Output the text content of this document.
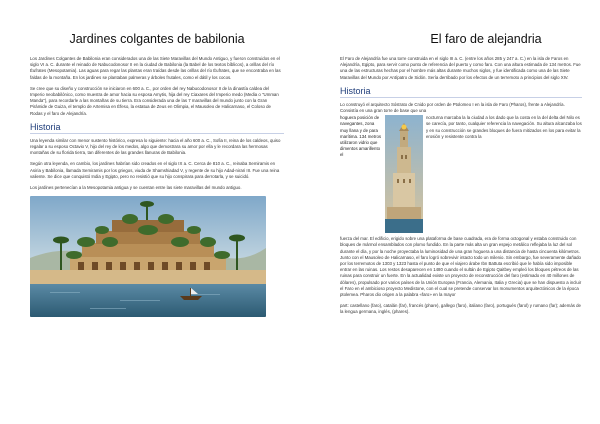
Jardines colgantes de babilonia

Los Jardines Colgantes de Babilonia eran considerados una de las Siete Maravillas del Mundo Antiguo, y fueron construidos en el siglo VI a. C. durante el reinado de Nabucodonosor II en la ciudad de Babilonia (la Babel de los textos bíblicos), a orillas del río Éufrates (Mesopotamia). Las aguas para regar las plantas eran traídas desde las orillas del río Éufrates, que se encontraba en las faldas de la montaña. En los jardines se plantaban palmeras y árboles frutales, como el dátil y los cocos.

Se cree que su diseño y construcción se iniciaron en 600 a. C., por orden del rey Nabucodonosor II de la dinastía caldea del Imperio neobabilónico, como muestra de amor hacia su esposa Amytis, hija del rey Ciaxares del Imperio medo (Media o "Umman Manda"), para recordarle a las montañas de su tierra. Era considerada una de las 7 maravillas del mundo junto con la Gran Pirámide de Guiza, el templo de Artemisa en Éfeso, la estatua de Zeus en Olimpia, el Mausoleo de Halicarnaso, el Coloso de Rodas y el faro de Alejandría.

Historia

Una leyenda similar con menor sustento histórico, expresa lo siguiente: hacia el año 600 a. C., Sofia II, reina de los caldeos, quiso regalar a su esposo Octavio V, hijo del rey de los medos, algo que demostrara su amor por ella y le recordara las hermosas montañas de su florida tierra, tan diferentes de las grandes llanuras de Babilonia.

Según otra leyenda, en cambio, los jardines habrían sido creados en el siglo IX a. C. Cerca de 810 a. C., reinaba Semiramis en Asiria y Babilonia, llamada Semiramis por los griegos, viuda de Shamshiadad V, y regente de su hijo Adad-nirari III. Fue una reina valiente. Se dice que conquistó India y Egipto, pero no resistió que su hijo conspirara para derrotarla, y se suicidó.

Los jardines pertenecían a la Mesopotamia antigua y se cuentan entre las siete maravillas del mundo antiguo.

El faro de alejandria

El Faro de Alejandría fue una torre construida en el siglo III a. C. (entre los años 285 y 247 a. C.) en la isla de Faros en Alejandría, Egipto, para servir como punto de referencia del puerto y como faro. Con una altura estimada de 134 metros. Fue una de las estructuras hechas por el hombre más altas durante muchos siglos, y fue identificada como una de las Siete Maravillas del Mundo por Antípatro de Sidón. Sería derribado por los efectos de un terremoto a principios del siglo XIV.

Historia

Lo construyó el arquitecto Sóstrato de Cnido por orden de Ptolomeo I en la isla de Faro (Pharos), frente a Alejandría. Consistía en una gran torre de base que una

hoguera posición de navegantes, zona muy llana y de para marítima. 134 metros utilizaron vidrio que dimentos amarillento el
nocturna marcaba la la ciudad a los dado que la costa en la del delta del Nilo es se carecía, por tanto, cualquier referencia la navegación. Su altura alcanzaba los y en su construcción se grandes bloques de fuera mitizados en los para evitar la erosión y resistente contra la

fuerza del mar. El edificio, erigido sobre una plataforma de base cuadrada, era de forma octogonal y estaba construido con bloques de mármol ensamblados con plomo fundido. En la parte más alta un gran espejo metálico reflejaba la luz del sol durante el día, y por la noche proyectaba la luminosidad de una gran hoguera a una distancia de hasta cincuenta kilómetros. Junto con el Mausoleo de Halicarnaso, el faro logró sobrevivir intacto todo un milenio. Sin embargo, fue severamente dañado por los terremotos de 1303 y 1323 hasta el punto de que el viajero árabe Ibn Battuta escribió que le había sido imposible entrar en las ruinas. Los restos desaparecen en 1480 cuando el sultán de Egipto Qaitbey empleó los bloques pétreos de las ruinas para construir un fuerte. En la actualidad existe un proyecto de reconstrucción del faro (estimado en 40 millones de dólares), propulsado por varios países de la Unión Europea (Francia, Alemania, Italia y Grecia) que se han dispuesto a incluir el Faro en el ambicioso proyecto Medistone, con el cual se pretende conservar los monumentos arquitectónicos de la época ptolemea. Pharos dio origen a la palabra «faro» en la mayor

part: castellano (faro), catalán (far), francés (phare), gallego (faro), italiano (faro), portugués (farol) y rumano (far); además de la lengua germana, inglés, (phares).
